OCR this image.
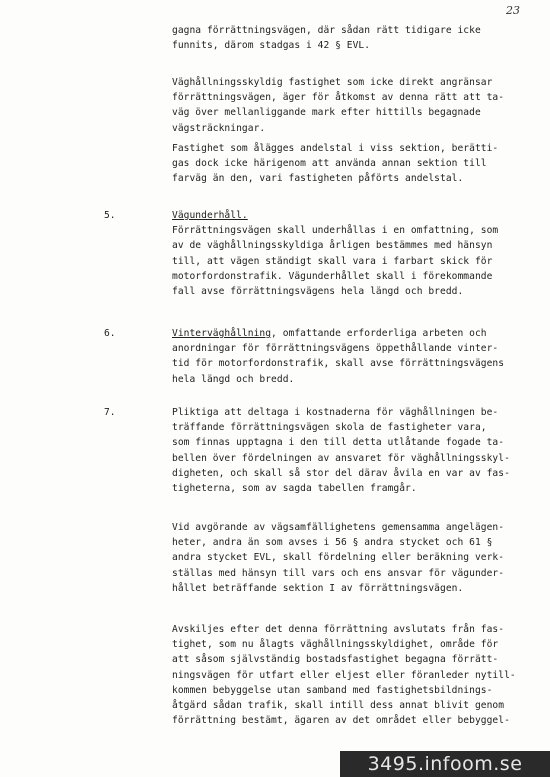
23
gagna förrättningsvägen, där sådan rätt tidigare icke
funnits, därom stadgas i 42 § EVL.
Väghållningsskyldig fastighet som icke direkt angränsar
förrättningsvägen, äger för åtkomst av denna rätt att ta-
väg över mellanliggande mark efter hittills begagnade
vägsträckningar.
Fastighet som ålägges andelstal i viss sektion, berätti-
gas dock icke härigenom att använda annan sektion till
farväg än den, vari fastigheten påförts andelstal.
5.	Vägunderhåll.
Förrättningsvägen skall underhållas i en omfattning, som
av de väghållningsskyldiga årligen bestämmes med hänsyn
till, att vägen ständigt skall vara i farbart skick för
motorfordonstrafik. Vägunderhållet skall i förekommande
fall avse förrättningsvägens hela längd och bredd.
6.	Vinterväghållning, omfattande erforderliga arbeten och
anordningar för förrättningsvägens öppethållande vinter-
tid för motorfordonstrafik, skall avse förrättningsvägens
hela längd och bredd.
7.	Pliktiga att deltaga i kostnaderna för väghållningen be-
träffande förrättningsvägen skola de fastigheter vara,
som finnas upptagna i den till detta utlåtande fogade ta-
bellen över fördelningen av ansvaret för väghållningsskyl-
digheten, och skall så stor del därav åvila en var av fas-
tigheterna, som av sagda tabellen framgår.
Vid avgörande av vägsamfällighetens gemensamma angelägen-
heter, andra än som avses i 56 § andra stycket och 61 §
andra stycket EVL, skall fördelning eller beräkning verk-
ställas med hänsyn till vars och ens ansvar för vägunder-
hållet beträffande sektion I av förrättningsvägen.
Avskiljes efter det denna förrättning avslutats från fas-
tighet, som nu ålagts väghållningsskyldighet, område för
att såsom självständig bostadsfastighet begagna förrätt-
ningsvägen för utfart eller eljest eller föranleder nytill-
kommen bebyggelse utan samband med fastighetsbildnings-
åtgärd sådan trafik, skall intill dess annat blivit genom
förrättning bestämt, ägaren av det området eller bebyggel-
3495.infoom.se
